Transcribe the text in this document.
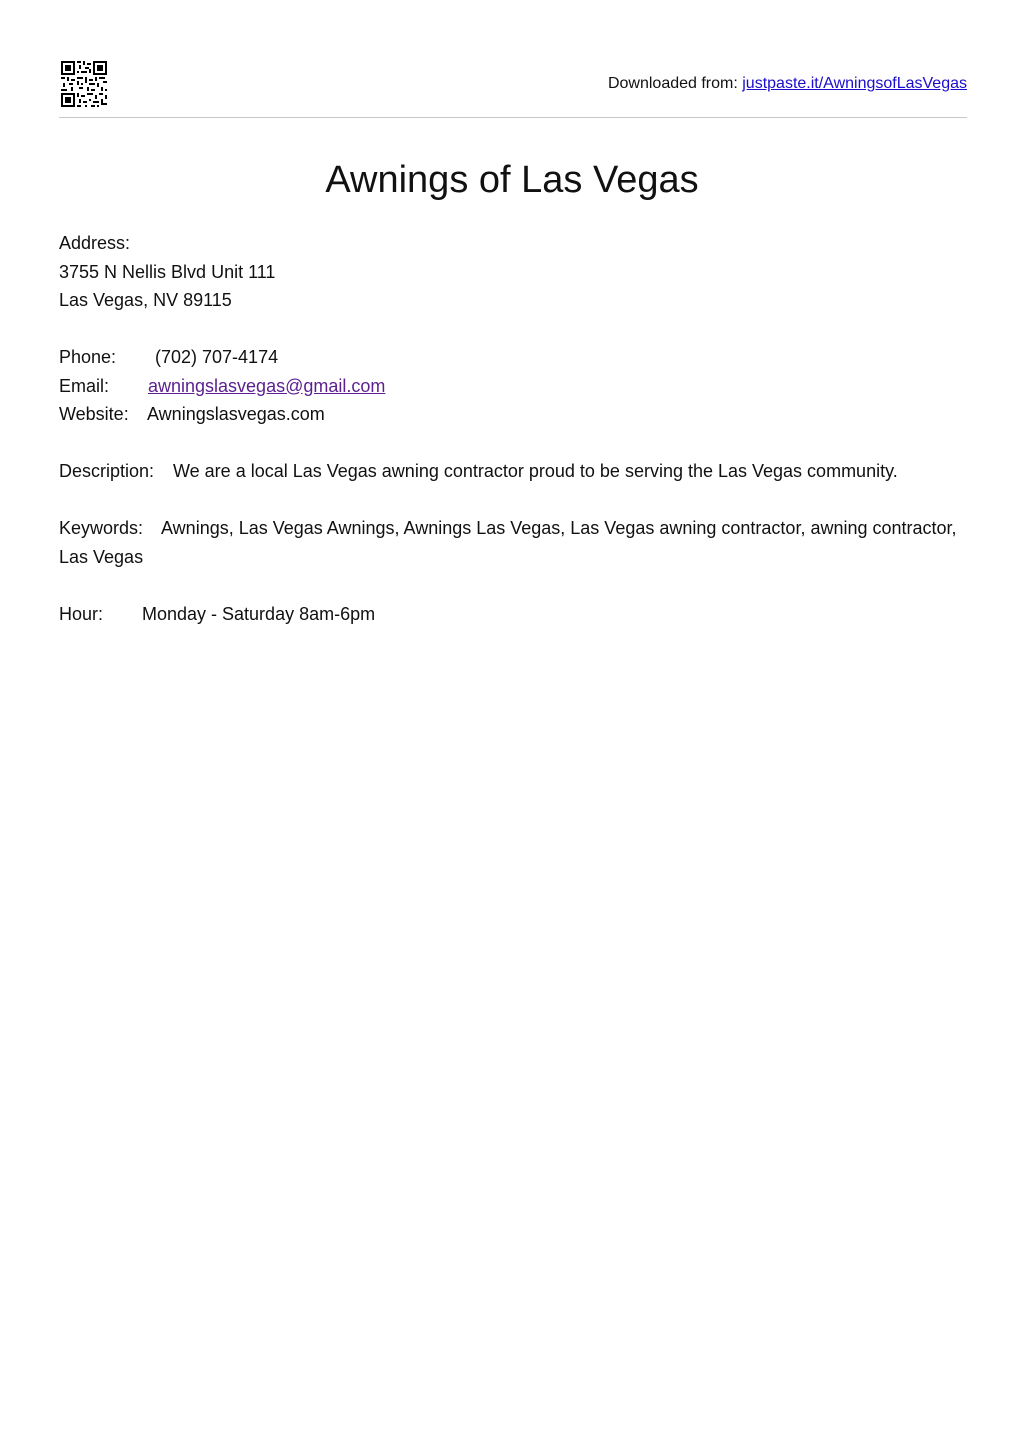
Downloaded from: justpaste.it/AwningsofLasVegas
Awnings of Las Vegas
Address:
3755 N Nellis Blvd Unit 111
Las Vegas, NV 89115
Phone: (702) 707-4174
Email: awningslasvegas@gmail.com
Website: Awningslasvegas.com
Description: We are a local Las Vegas awning contractor proud to be serving the Las Vegas community.
Keywords: Awnings, Las Vegas Awnings, Awnings Las Vegas, Las Vegas awning contractor, awning contractor, Las Vegas
Hour: Monday - Saturday 8am-6pm
